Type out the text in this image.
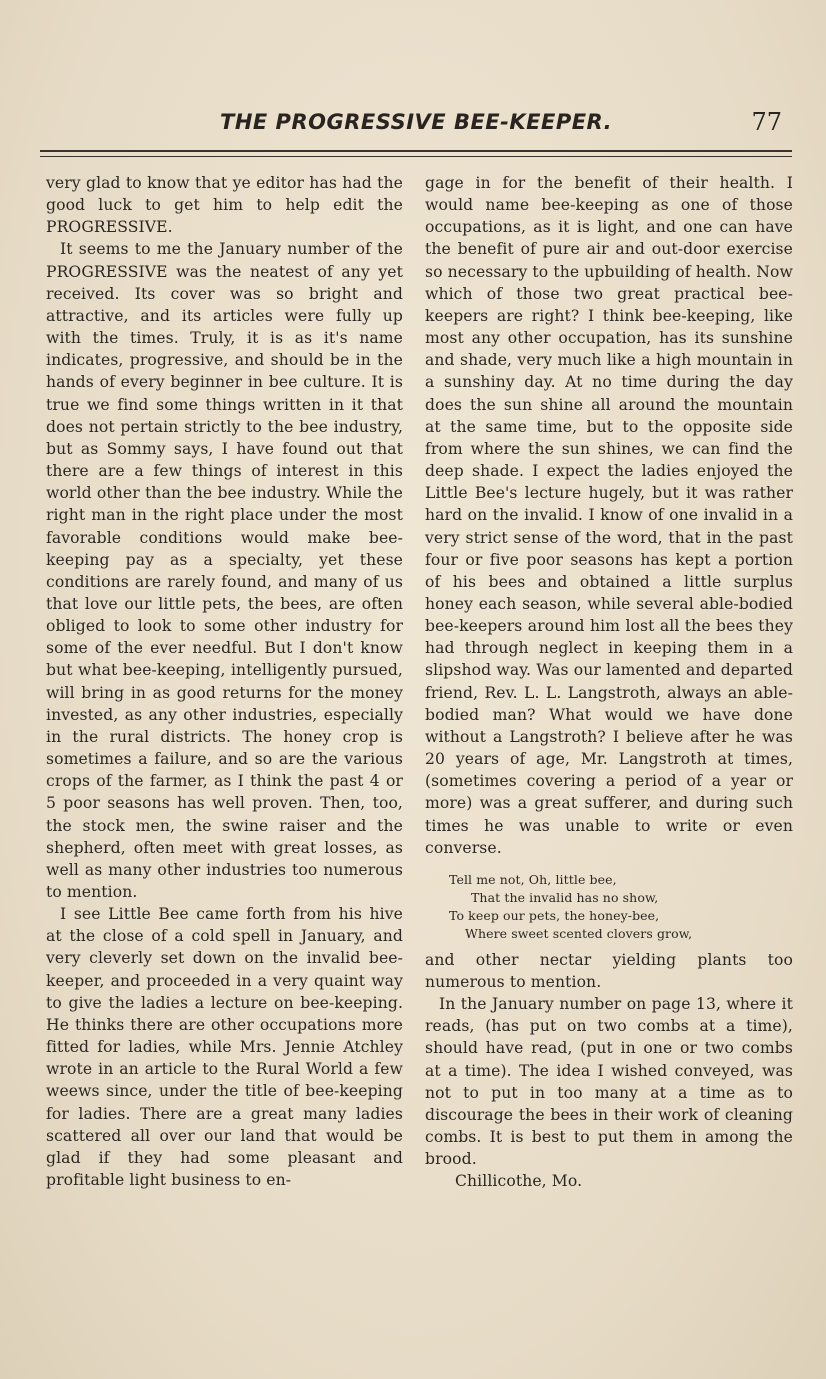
THE PROGRESSIVE BEE-KEEPER.	77

very glad to know that ye editor has had the good luck to get him to help edit the PROGRESSIVE.

It seems to me the January number of the PROGRESSIVE was the neatest of any yet received. Its cover was so bright and attractive, and its articles were fully up with the times. Truly, it is as it's name indicates, progressive, and should be in the hands of every beginner in bee culture. It is true we find some things written in it that does not pertain strictly to the bee industry, but as Sommy says, I have found out that there are a few things of interest in this world other than the bee industry. While the right man in the right place under the most favorable conditions would make bee-keeping pay as a specialty, yet these conditions are rarely found, and many of us that love our little pets, the bees, are often obliged to look to some other industry for some of the ever needful. But I don't know but what bee-keeping, intelligently pursued, will bring in as good returns for the money invested, as any other industries, especially in the rural districts. The honey crop is sometimes a failure, and so are the various crops of the farmer, as I think the past 4 or 5 poor seasons has well proven. Then, too, the stock men, the swine raiser and the shepherd, often meet with great losses, as well as many other industries too numerous to mention.

I see Little Bee came forth from his hive at the close of a cold spell in January, and very cleverly set down on the invalid bee-keeper, and proceeded in a very quaint way to give the ladies a lecture on bee-keeping. He thinks there are other occupations more fitted for ladies, while Mrs. Jennie Atchley wrote in an article to the Rural World a few weews since, under the title of bee-keeping for ladies. There are a great many ladies scattered all over our land that would be glad if they had some pleasant and profitable light business to en-

gage in for the benefit of their health. I would name bee-keeping as one of those occupations, as it is light, and one can have the benefit of pure air and out-door exercise so necessary to the upbuilding of health. Now which of those two great practical bee-keepers are right? I think bee-keeping, like most any other occupation, has its sunshine and shade, very much like a high mountain in a sunshiny day. At no time during the day does the sun shine all around the mountain at the same time, but to the opposite side from where the sun shines, we can find the deep shade. I expect the ladies enjoyed the Little Bee's lecture hugely, but it was rather hard on the invalid. I know of one invalid in a very strict sense of the word, that in the past four or five poor seasons has kept a portion of his bees and obtained a little surplus honey each season, while several able-bodied bee-keepers around him lost all the bees they had through neglect in keeping them in a slipshod way. Was our lamented and departed friend, Rev. L. L. Langstroth, always an able-bodied man? What would we have done without a Langstroth? I believe after he was 20 years of age, Mr. Langstroth at times, (sometimes covering a period of a year or more) was a great sufferer, and during such times he was unable to write or even converse.

Tell me not, Oh, little bee,
That the invalid has no show,
To keep our pets, the honey-bee,
Where sweet scented clovers grow,

and other nectar yielding plants too numerous to mention.

In the January number on page 13, where it reads, (has put on two combs at a time), should have read, (put in one or two combs at a time). The idea I wished conveyed, was not to put in too many at a time as to discourage the bees in their work of cleaning combs. It is best to put them in among the brood.

Chillicothe, Mo.
